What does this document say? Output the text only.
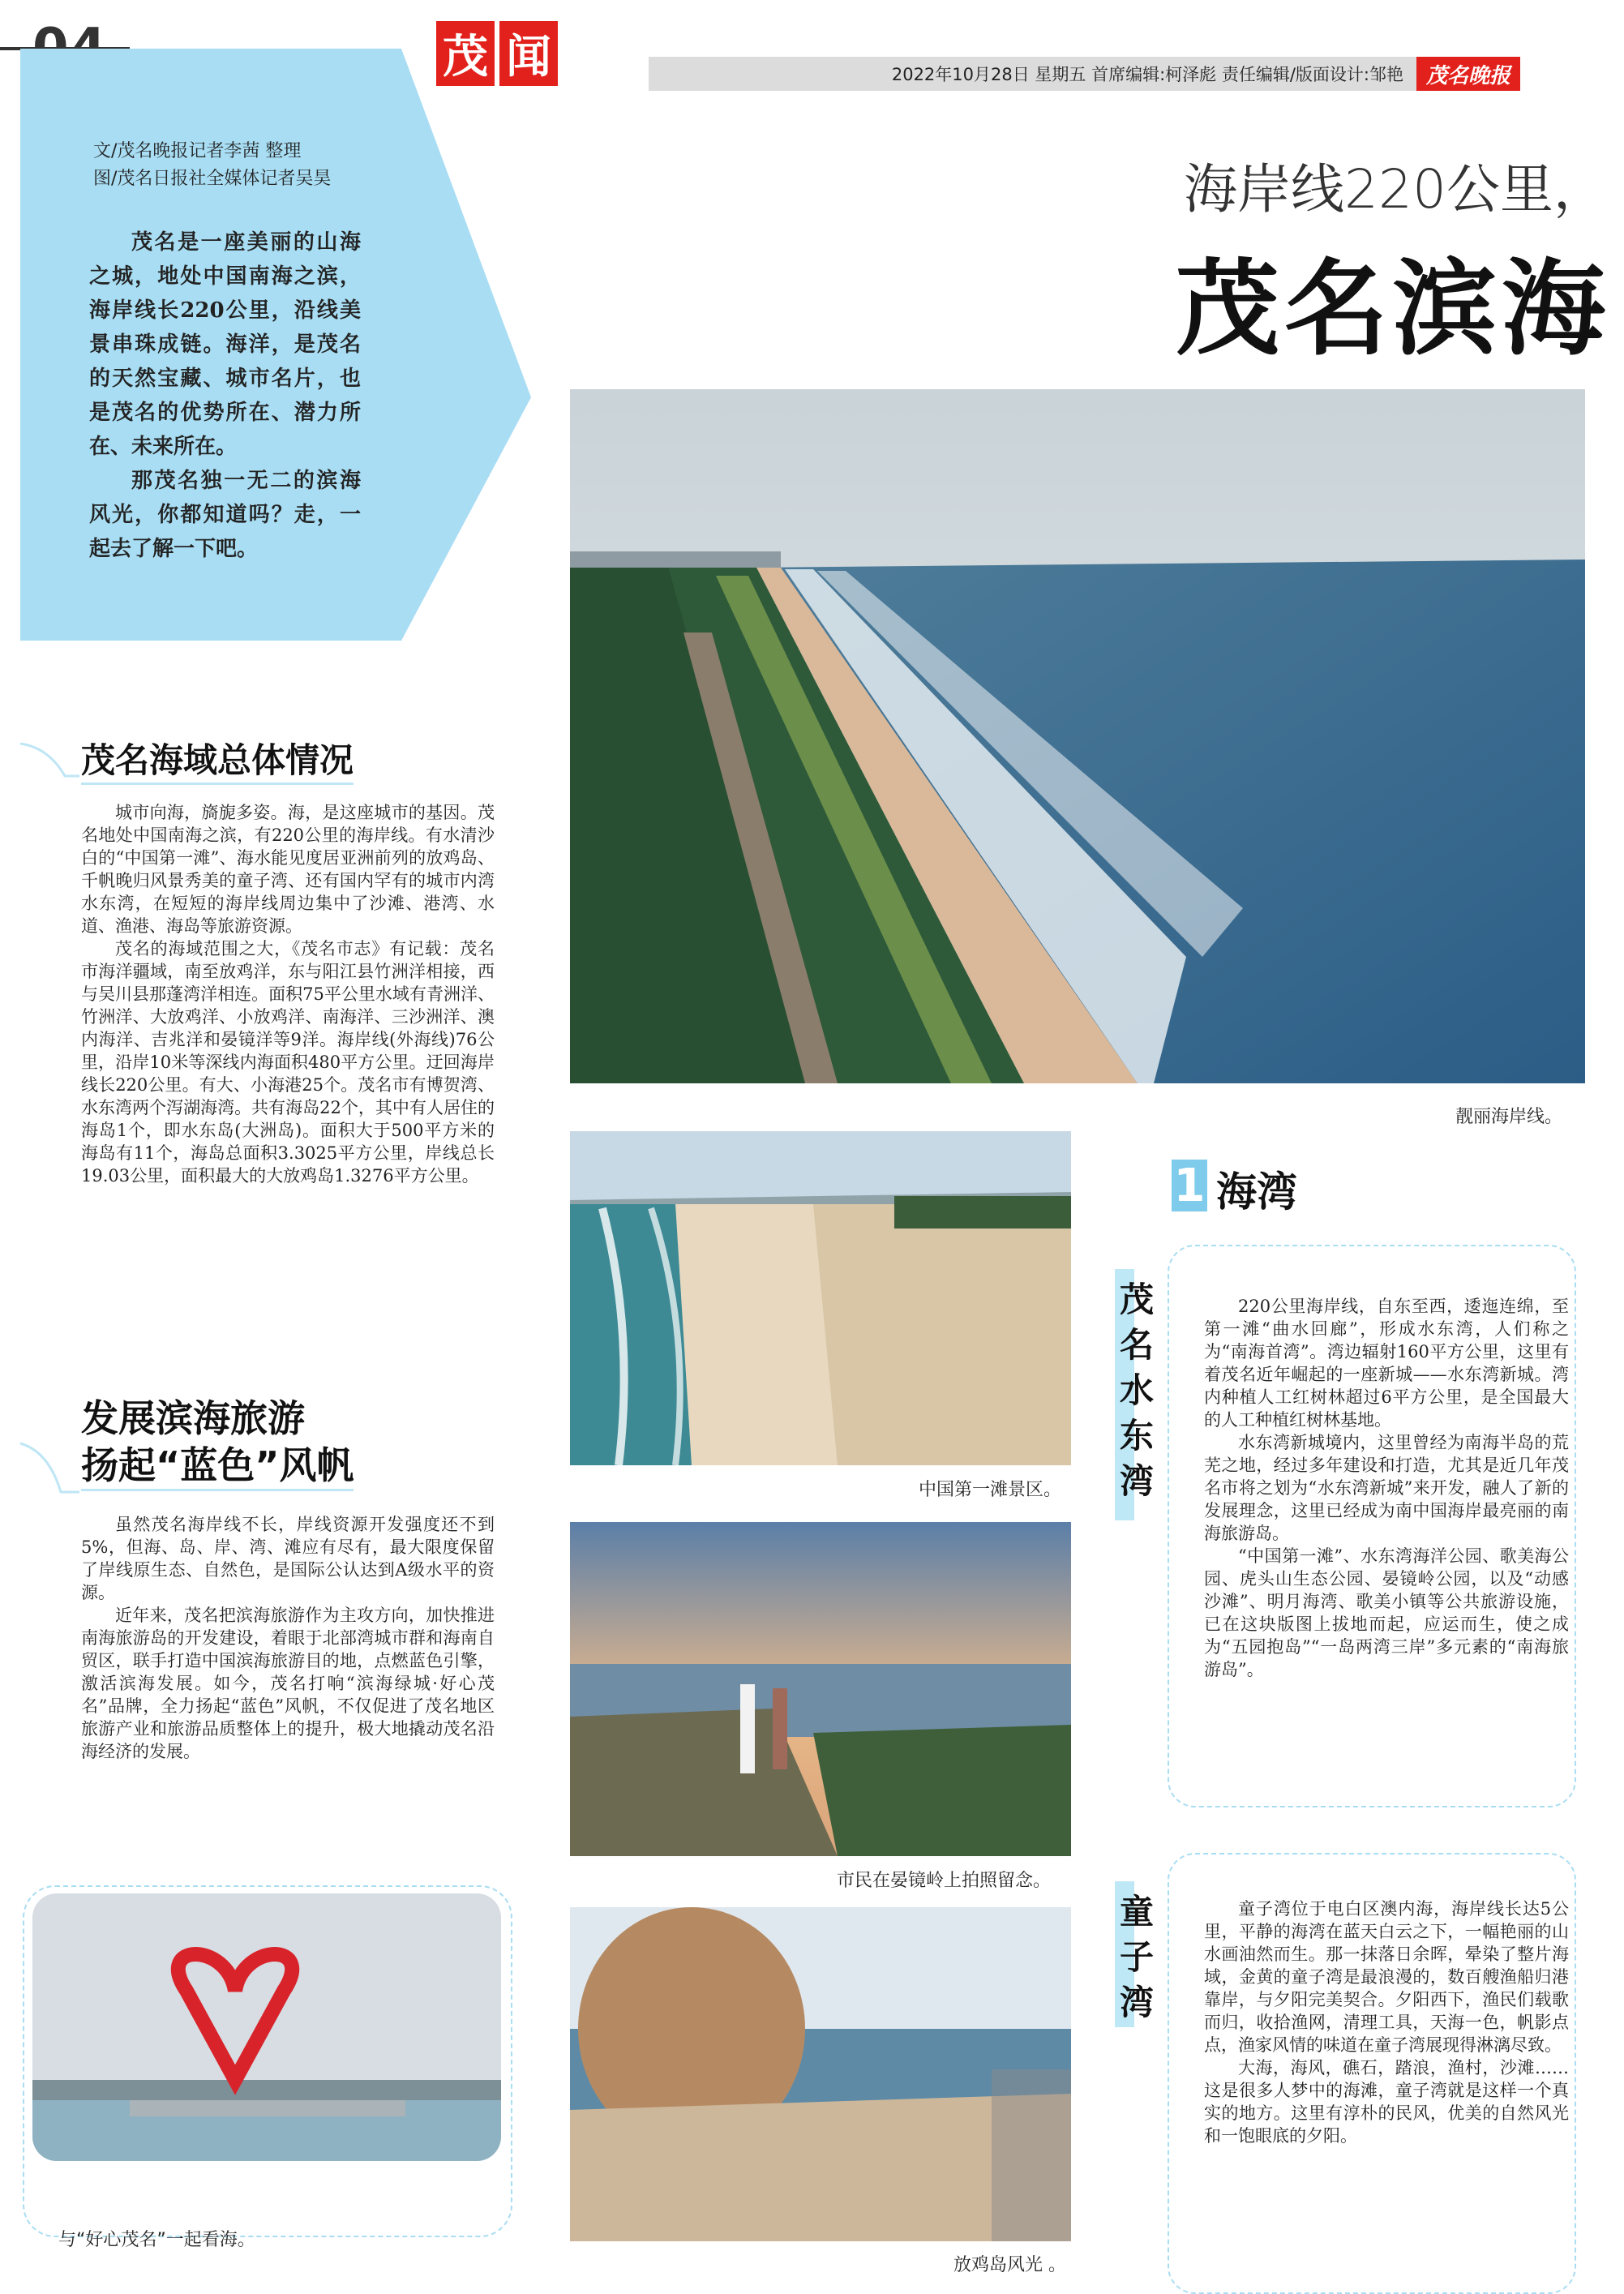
茂 闻	2022年10月28日 星期五 首席编辑:柯泽彪 责任编辑/版面设计:邹艳	茂名晚报
文/茂名晚报记者李茜 整理
图/茂名日报社全媒体记者吴昊

茂名是一座美丽的山海之城，地处中国南海之滨，海岸线长220公里，沿线美景串珠成链。海洋，是茂名的天然宝藏、城市名片，也是茂名的优势所在、潜力所在、未来所在。

那茂名独一无二的滨海风光，你都知道吗？走，一起去了解一下吧。

海岸线220公里，
茂名滨海
茂名海域总体情况

城市向海，旖旎多姿。海，是这座城市的基因。茂名地处中国南海之滨，有220公里的海岸线。有水清沙白的“中国第一滩”、海水能见度居亚洲前列的放鸡岛、千帆晚归风景秀美的童子湾、还有国内罕有的城市内湾水东湾，在短短的海岸线周边集中了沙滩、港湾、水道、渔港、海岛等旅游资源。

茂名的海域范围之大，《茂名市志》有记载：茂名市海洋疆域，南至放鸡洋，东与阳江县竹洲洋相接，西与吴川县那蓬湾洋相连。面积75平公里水域有青洲洋、竹洲洋、大放鸡洋、小放鸡洋、南海洋、三沙洲洋、澳内海洋、吉兆洋和晏镜洋等9洋。海岸线(外海线)76公里，沿岸10米等深线内海面积480平方公里。迂回海岸线长220公里。有大、小海港25个。茂名市有博贺湾、水东湾两个泻湖海湾。共有海岛22个，其中有人居住的海岛1个，即水东岛(大洲岛)。面积大于500平方米的海岛有11个，海岛总面积3.3025平方公里，岸线总长19.03公里，面积最大的大放鸡岛1.3276平方公里。

发展滨海旅游
扬起“蓝色”风帆

虽然茂名海岸线不长，岸线资源开发强度还不到5%，但海、岛、岸、湾、滩应有尽有，最大限度保留了岸线原生态、自然色，是国际公认达到A级水平的资源。

近年来，茂名把滨海旅游作为主攻方向，加快推进南海旅游岛的开发建设，着眼于北部湾城市群和海南自贸区，联手打造中国滨海旅游目的地，点燃蓝色引擎，激活滨海发展。如今，茂名打响“滨海绿城·好心茂名”品牌，全力扬起“蓝色”风帆，不仅促进了茂名地区旅游产业和旅游品质整体上的提升，极大地撬动茂名沿海经济的发展。

靓丽海岸线。
中国第一滩景区。
市民在晏镜岭上拍照留念。
放鸡岛风光 。
与“好心茂名”一起看海。
1 海湾
茂名水东湾	220公里海岸线，自东至西，逶迤连绵，至第一滩“曲水回廊”，形成水东湾，人们称之为“南海首湾”。湾边辐射160平方公里，这里有着茂名近年崛起的一座新城——水东湾新城。湾内种植人工红树林超过6平方公里，是全国最大的人工种植红树林基地。

水东湾新城境内，这里曾经为南海半岛的荒芜之地，经过多年建设和打造，尤其是近几年茂名市将之划为“水东湾新城”来开发，融人了新的发展理念，这里已经成为南中国海岸最亮丽的南海旅游岛。

“中国第一滩”、水东湾海洋公园、歌美海公园、虎头山生态公园、晏镜岭公园，以及“动感沙滩”、明月海湾、歌美小镇等公共旅游设施，已在这块版图上拔地而起，应运而生，使之成为“五园抱岛”“一岛两湾三岸”多元素的“南海旅游岛”。

童子湾	童子湾位于电白区澳内海，海岸线长达5公里，平静的海湾在蓝天白云之下，一幅艳丽的山水画油然而生。那一抹落日余晖，晕染了整片海域，金黄的童子湾是最浪漫的，数百艘渔船归港靠岸，与夕阳完美契合。夕阳西下，渔民们载歌而归，收拾渔网，清理工具，天海一色，帆影点点，渔家风情的味道在童子湾展现得淋漓尽致。

大海，海风，礁石，踏浪，渔村，沙滩……这是很多人梦中的海滩，童子湾就是这样一个真实的地方。这里有淳朴的民风，优美的自然风光和一饱眼底的夕阳。
